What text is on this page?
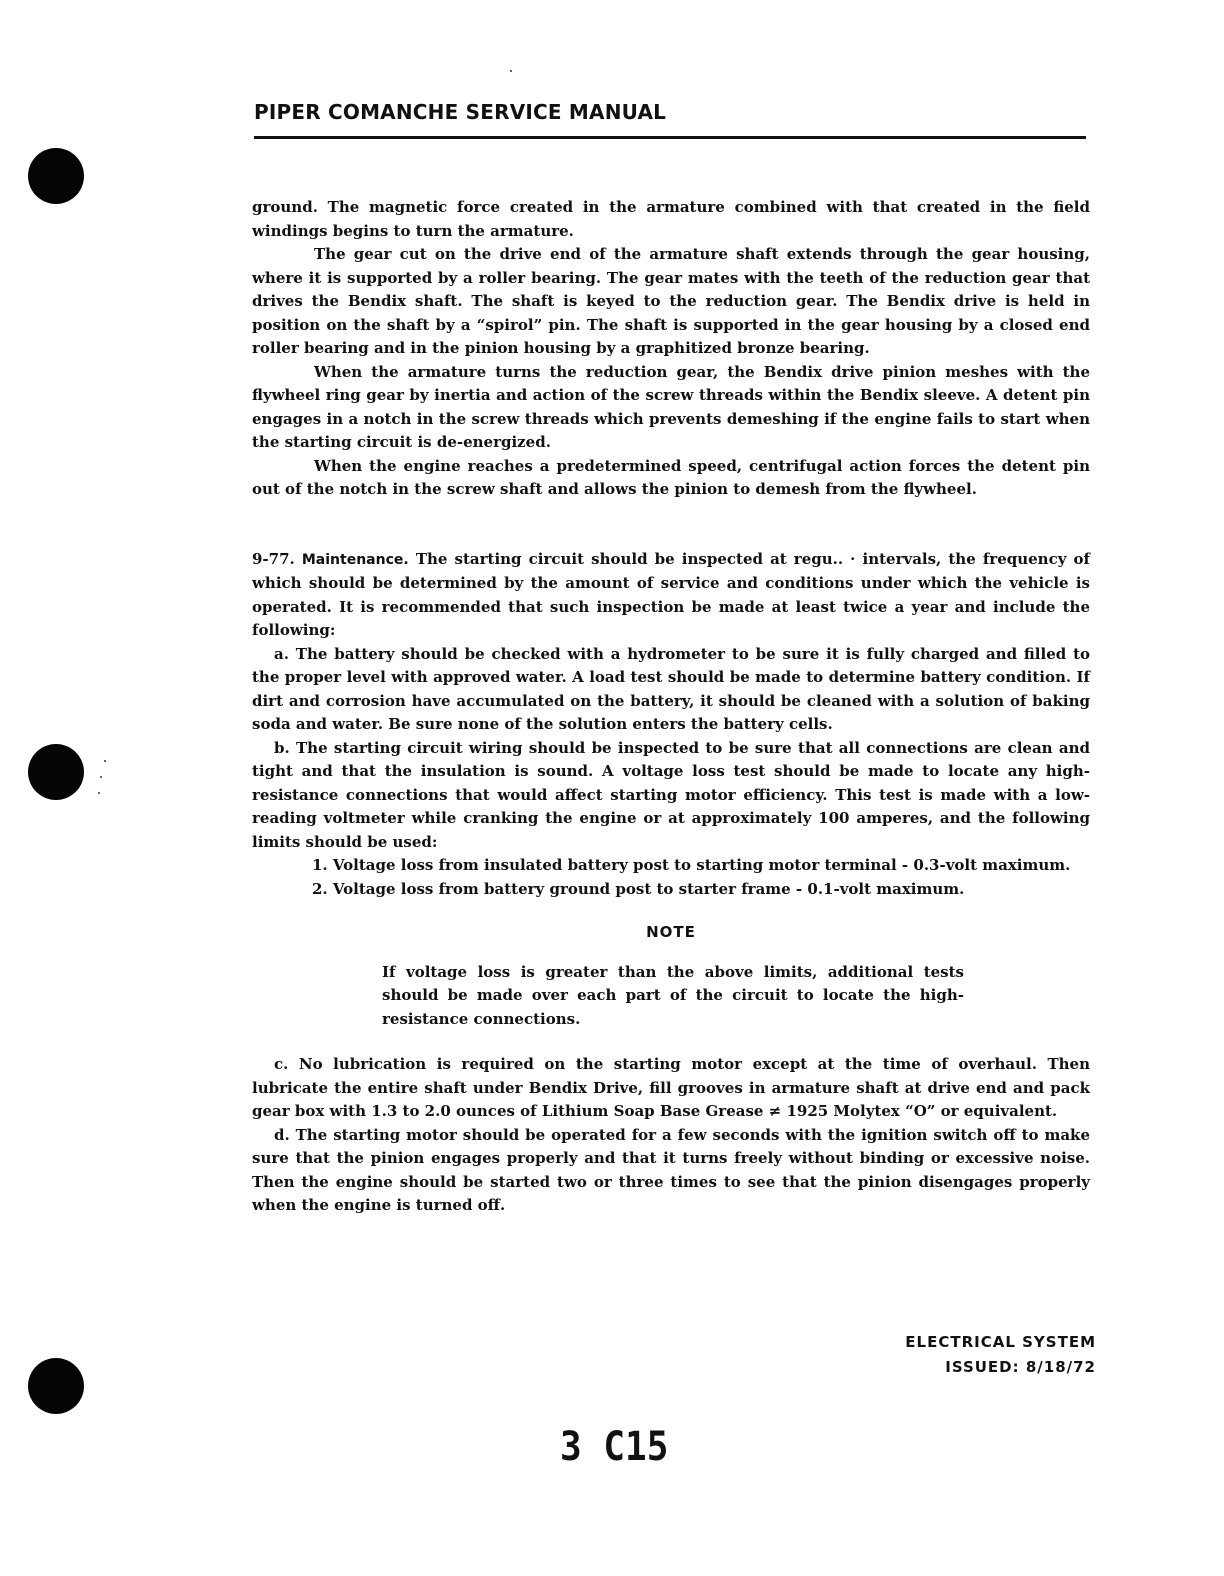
PIPER COMANCHE SERVICE MANUAL

ground. The magnetic force created in the armature combined with that created in the field windings begins to turn the armature.

The gear cut on the drive end of the armature shaft extends through the gear housing, where it is supported by a roller bearing. The gear mates with the teeth of the reduction gear that drives the Bendix shaft. The shaft is keyed to the reduction gear. The Bendix drive is held in position on the shaft by a “spirol” pin. The shaft is supported in the gear housing by a closed end roller bearing and in the pinion housing by a graphitized bronze bearing.

When the armature turns the reduction gear, the Bendix drive pinion meshes with the flywheel ring gear by inertia and action of the screw threads within the Bendix sleeve. A detent pin engages in a notch in the screw threads which prevents demeshing if the engine fails to start when the starting circuit is de-energized.

When the engine reaches a predetermined speed, centrifugal action forces the detent pin out of the notch in the screw shaft and allows the pinion to demesh from the flywheel.

9-77. Maintenance. The starting circuit should be inspected at regu.. · intervals, the frequency of which should be determined by the amount of service and conditions under which the vehicle is operated. It is recommended that such inspection be made at least twice a year and include the following:

a. The battery should be checked with a hydrometer to be sure it is fully charged and filled to the proper level with approved water. A load test should be made to determine battery condition. If dirt and corrosion have accumulated on the battery, it should be cleaned with a solution of baking soda and water. Be sure none of the solution enters the battery cells.

b. The starting circuit wiring should be inspected to be sure that all connections are clean and tight and that the insulation is sound. A voltage loss test should be made to locate any high-resistance connections that would affect starting motor efficiency. This test is made with a low-reading voltmeter while cranking the engine or at approximately 100 amperes, and the following limits should be used:

1. Voltage loss from insulated battery post to starting motor terminal - 0.3-volt maximum.

2. Voltage loss from battery ground post to starter frame - 0.1-volt maximum.

NOTE

If voltage loss is greater than the above limits, additional tests should be made over each part of the circuit to locate the high-resistance connections.

c. No lubrication is required on the starting motor except at the time of overhaul. Then lubricate the entire shaft under Bendix Drive, fill grooves in armature shaft at drive end and pack gear box with 1.3 to 2.0 ounces of Lithium Soap Base Grease ≠ 1925 Molytex “O” or equivalent.

d. The starting motor should be operated for a few seconds with the ignition switch off to make sure that the pinion engages properly and that it turns freely without binding or excessive noise. Then the engine should be started two or three times to see that the pinion disengages properly when the engine is turned off.

ELECTRICAL SYSTEM
ISSUED: 8/18/72
3 C15
